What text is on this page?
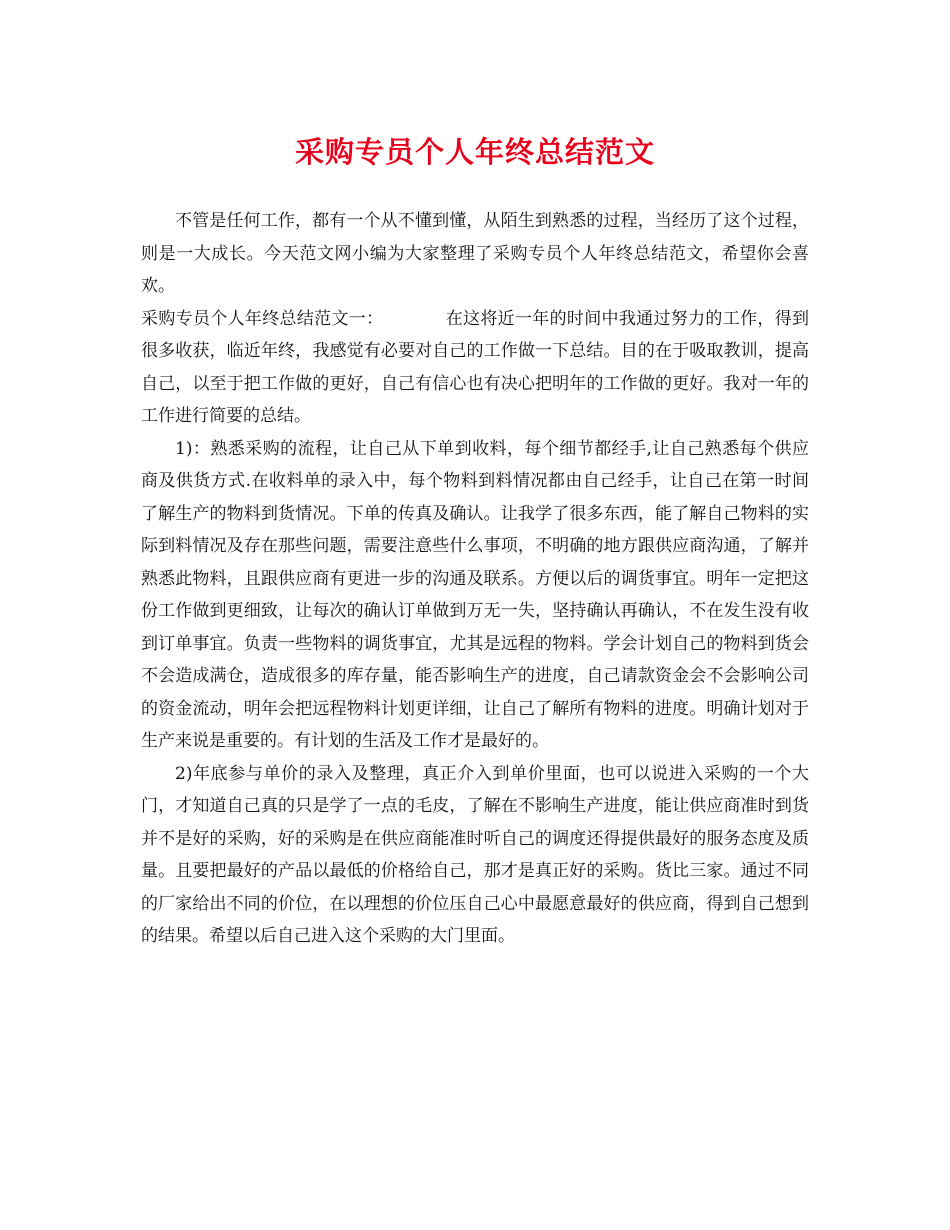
采购专员个人年终总结范文

不管是任何工作，都有一个从不懂到懂，从陌生到熟悉的过程，当经历了这个过程，则是一大成长。今天范文网小编为大家整理了采购专员个人年终总结范文，希望你会喜欢。

采购专员个人年终总结范文一：	在这将近一年的时间中我通过努力的工作，得到很多收获，临近年终，我感觉有必要对自己的工作做一下总结。目的在于吸取教训，提高自己，以至于把工作做的更好，自己有信心也有决心把明年的工作做的更好。我对一年的工作进行简要的总结。

1)：熟悉采购的流程，让自己从下单到收料，每个细节都经手,让自己熟悉每个供应商及供货方式.在收料单的录入中，每个物料到料情况都由自己经手，让自己在第一时间了解生产的物料到货情况。下单的传真及确认。让我学了很多东西，能了解自己物料的实际到料情况及存在那些问题，需要注意些什么事项，不明确的地方跟供应商沟通，了解并熟悉此物料，且跟供应商有更进一步的沟通及联系。方便以后的调货事宜。明年一定把这份工作做到更细致，让每次的确认订单做到万无一失，坚持确认再确认，不在发生没有收到订单事宜。负责一些物料的调货事宜，尤其是远程的物料。学会计划自己的物料到货会不会造成满仓，造成很多的库存量，能否影响生产的进度，自己请款资金会不会影响公司的资金流动，明年会把远程物料计划更详细，让自己了解所有物料的进度。明确计划对于生产来说是重要的。有计划的生活及工作才是最好的。

2)年底参与单价的录入及整理，真正介入到单价里面，也可以说进入采购的一个大门，才知道自己真的只是学了一点的毛皮，了解在不影响生产进度，能让供应商准时到货并不是好的采购，好的采购是在供应商能准时听自己的调度还得提供最好的服务态度及质量。且要把最好的产品以最低的价格给自己，那才是真正好的采购。货比三家。通过不同的厂家给出不同的价位，在以理想的价位压自己心中最愿意最好的供应商，得到自己想到的结果。希望以后自己进入这个采购的大门里面。
